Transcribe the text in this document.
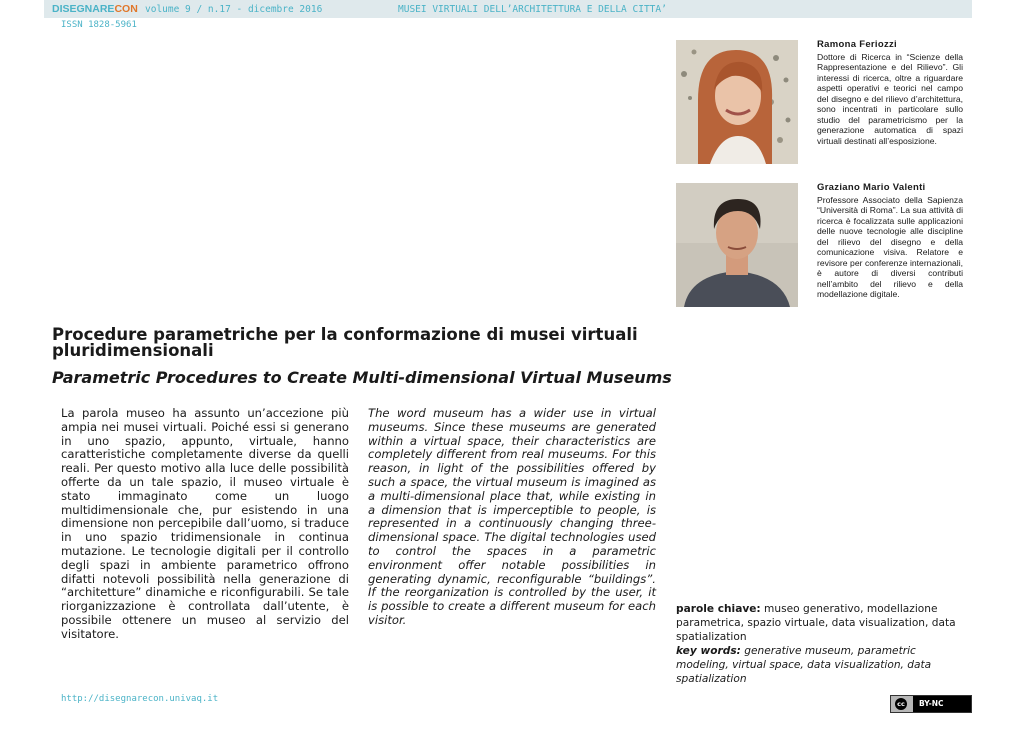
DISEGNARECON volume 9 / n.17 - dicembre 2016	MUSEI VIRTUALI DELL’ARCHITETTURA E DELLA CITTA’
ISSN 1828-5961
Ramona Feriozzi
Dottore di Ricerca in “Scienze della Rappresentazione e del Rilievo”. Gli interessi di ricerca, oltre a riguardare aspetti operativi e teorici nel campo del disegno e del rilievo d’architettura, sono incentrati in particolare sullo studio del parametricismo per la generazione automatica di spazi virtuali destinati all’esposizione.
Graziano Mario Valenti
Professore Associato della Sapienza “Università di Roma”. La sua attività di ricerca è focalizzata sulle applicazioni delle nuove tecnologie alle discipline del rilievo del disegno e della comunicazione visiva. Relatore e revisore per conferenze internazionali, è autore di diversi contributi nell’ambito del rilievo e della modellazione digitale.
Procedure parametriche per la conformazione di musei virtuali pluridimensionali
Parametric Procedures to Create Multi-dimensional Virtual Museums
La parola museo ha assunto un’accezione più ampia nei musei virtuali. Poiché essi si generano in uno spazio, appunto, virtuale, hanno caratteristiche completamente diverse da quelli reali. Per questo motivo alla luce delle possibilità offerte da un tale spazio, il museo virtuale è stato immaginato come un luogo multidimensionale che, pur esistendo in una dimensione non percepibile dall’uomo, si traduce in uno spazio tridimensionale in continua mutazione. Le tecnologie digitali per il controllo degli spazi in ambiente parametrico offrono difatti notevoli possibilità nella generazione di “architetture” dinamiche e riconfigurabili. Se tale riorganizzazione è controllata dall’utente, è possibile ottenere un museo al servizio del visitatore.
The word museum has a wider use in virtual museums. Since these museums are generated within a virtual space, their characteristics are completely different from real museums. For this reason, in light of the possibilities offered by such a space, the virtual museum is imagined as a multi-dimensional place that, while existing in a dimension that is imperceptible to people, is represented in a continuously changing three-dimensional space. The digital technologies used to control the spaces in a parametric environment offer notable possibilities in generating dynamic, reconfigurable “buildings”. If the reorganization is controlled by the user, it is possible to create a different museum for each visitor.
parole chiave: museo generativo, modellazione parametrica, spazio virtuale, data visualization, data spatialization
key words: generative museum, parametric modeling, virtual space, data visualization, data spatialization
http://disegnarecon.univaq.it	cc	BY-NC
